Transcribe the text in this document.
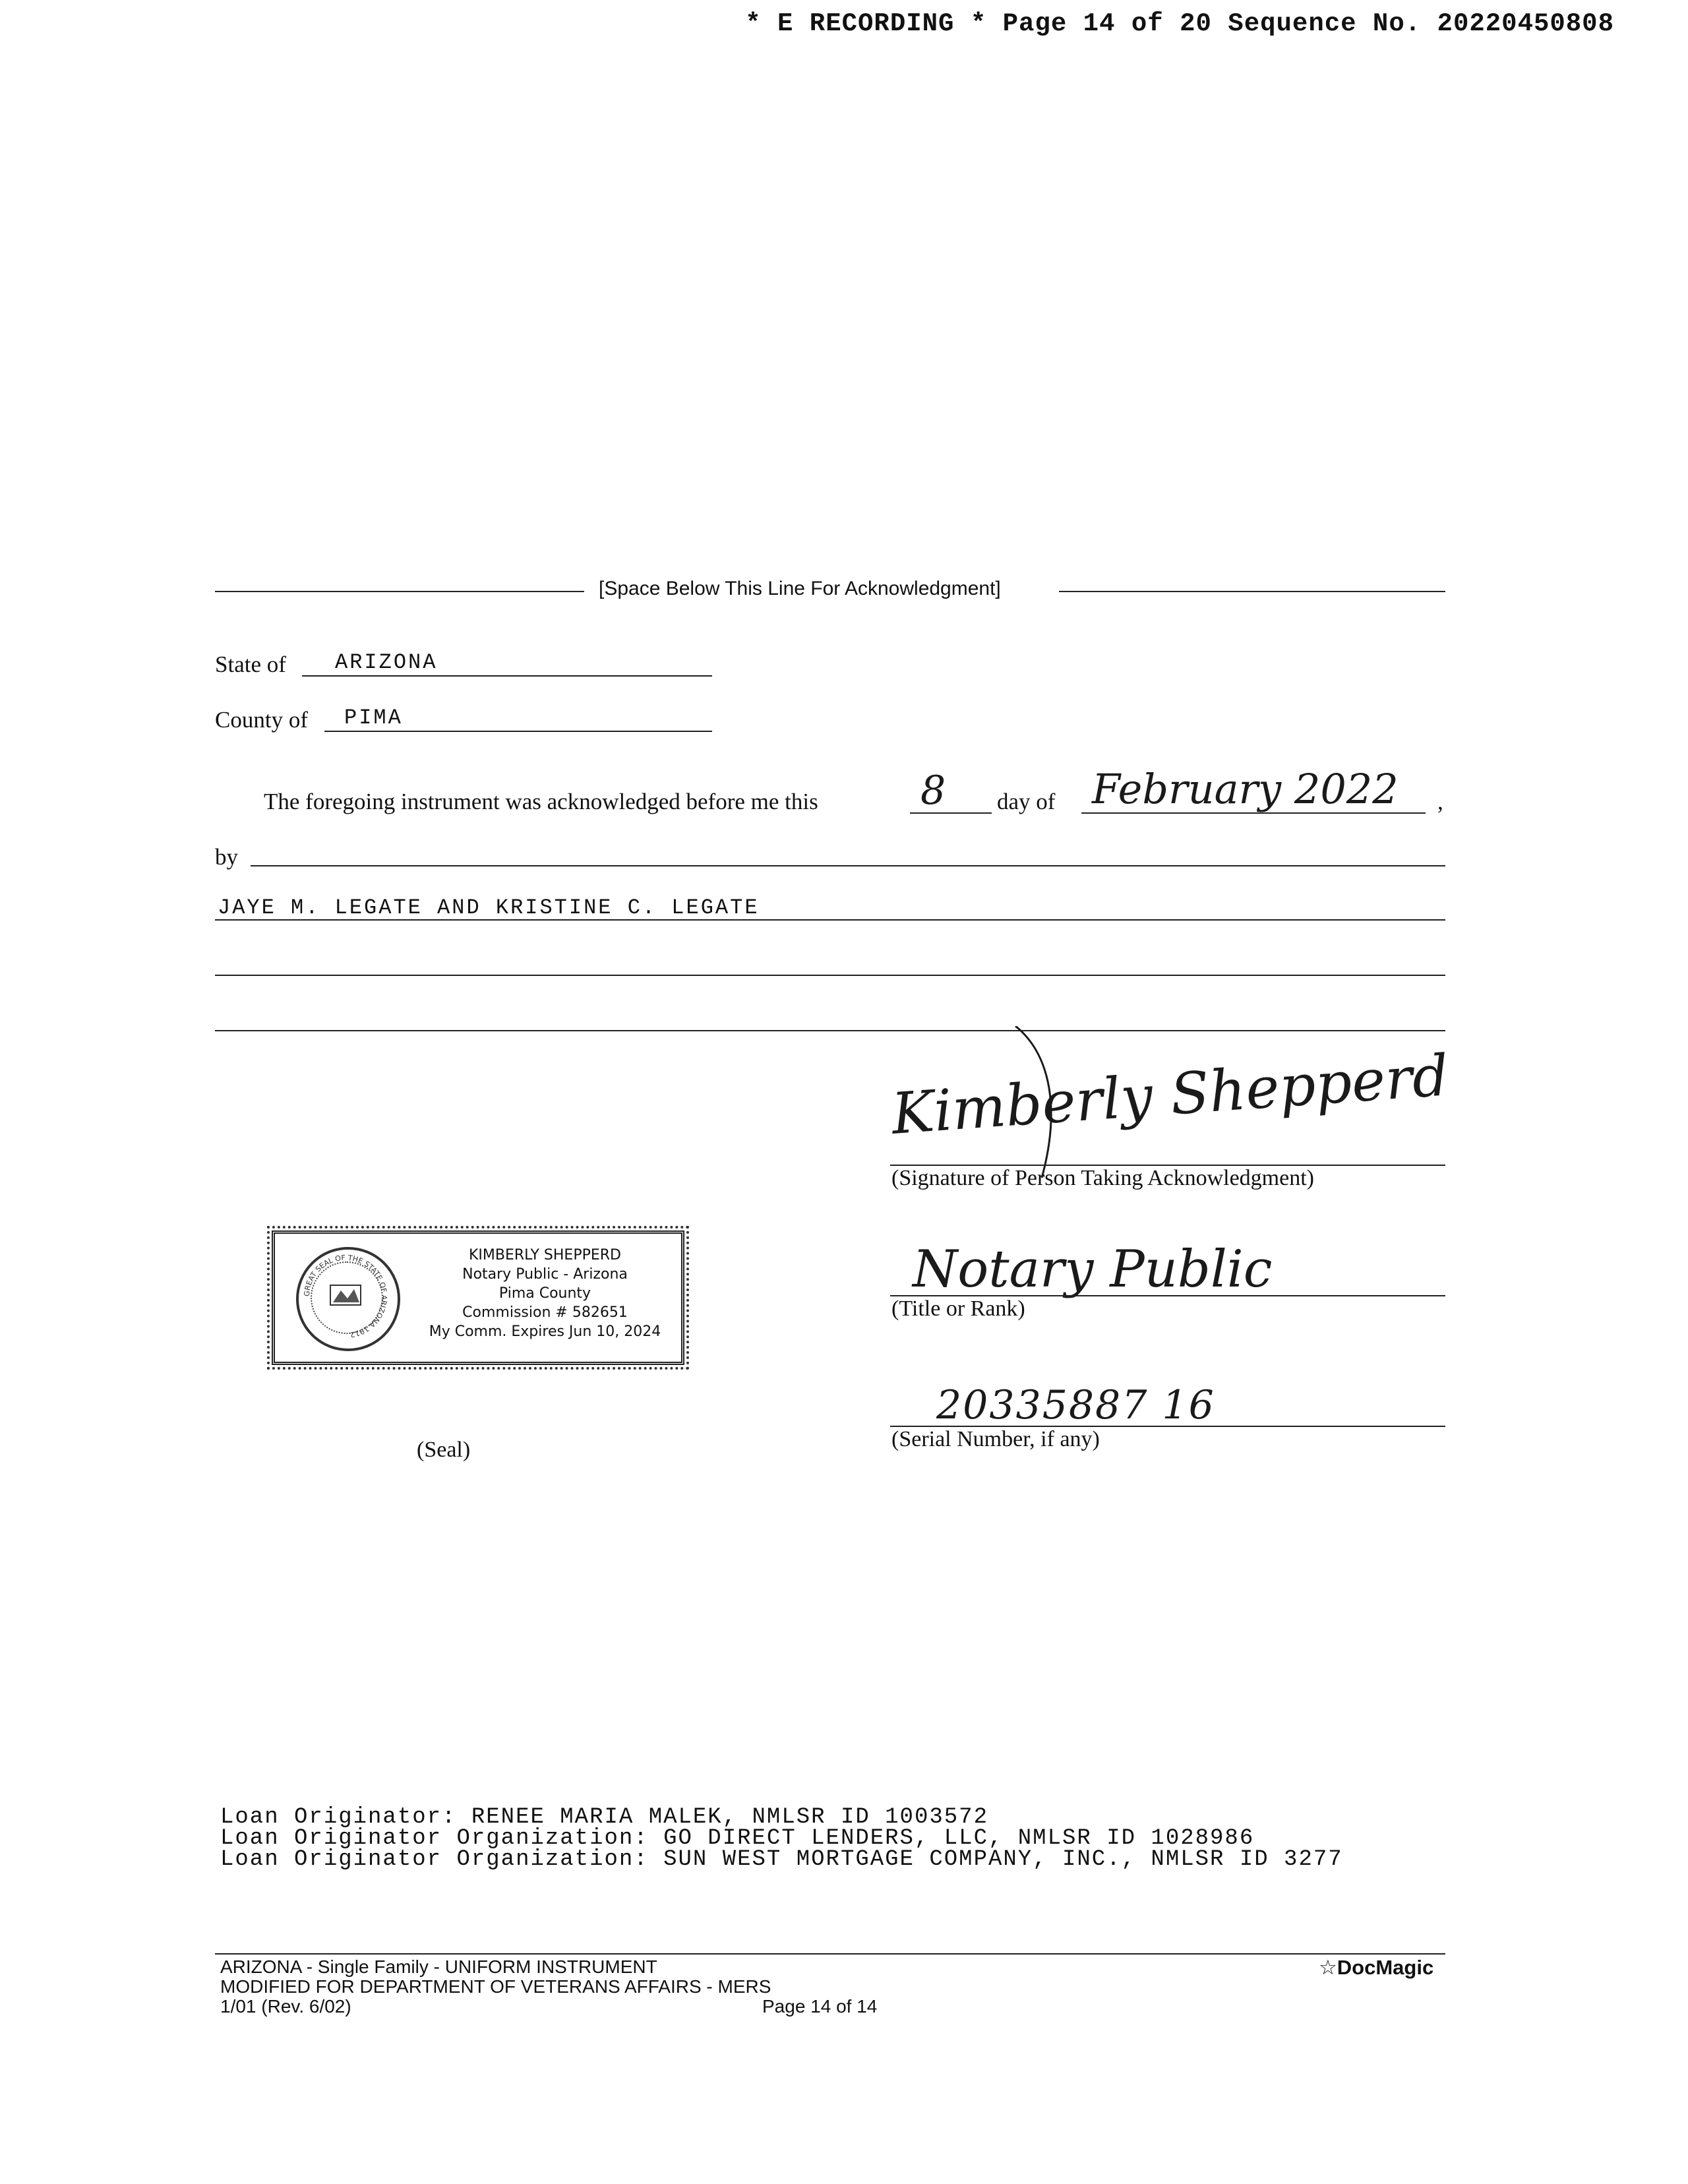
* E RECORDING * Page 14 of 20 Sequence No. 20220450808
[Space Below This Line For Acknowledgment]
State of ARIZONA
County of PIMA
The foregoing instrument was acknowledged before me this	8 day of February 2022 ,
by
JAYE M. LEGATE AND KRISTINE C. LEGATE
Kimberly Shepperd
(Signature of Person Taking Acknowledgment)
GREAT SEAL OF THE STATE OF ARIZONA 1912
KIMBERLY SHEPPERD
Notary Public - Arizona
Pima County
Commission # 582651
My Comm. Expires Jun 10, 2024
Notary Public
(Title or Rank)
20335887 16
(Serial Number, if any)
(Seal)
Loan Originator: RENEE MARIA MALEK, NMLSR ID 1003572
Loan Originator Organization: GO DIRECT LENDERS, LLC, NMLSR ID 1028986
Loan Originator Organization: SUN WEST MORTGAGE COMPANY, INC., NMLSR ID 3277
ARIZONA - Single Family - UNIFORM INSTRUMENT
MODIFIED FOR DEPARTMENT OF VETERANS AFFAIRS - MERS
1/01 (Rev. 6/02)	Page 14 of 14
☆DocMagic
